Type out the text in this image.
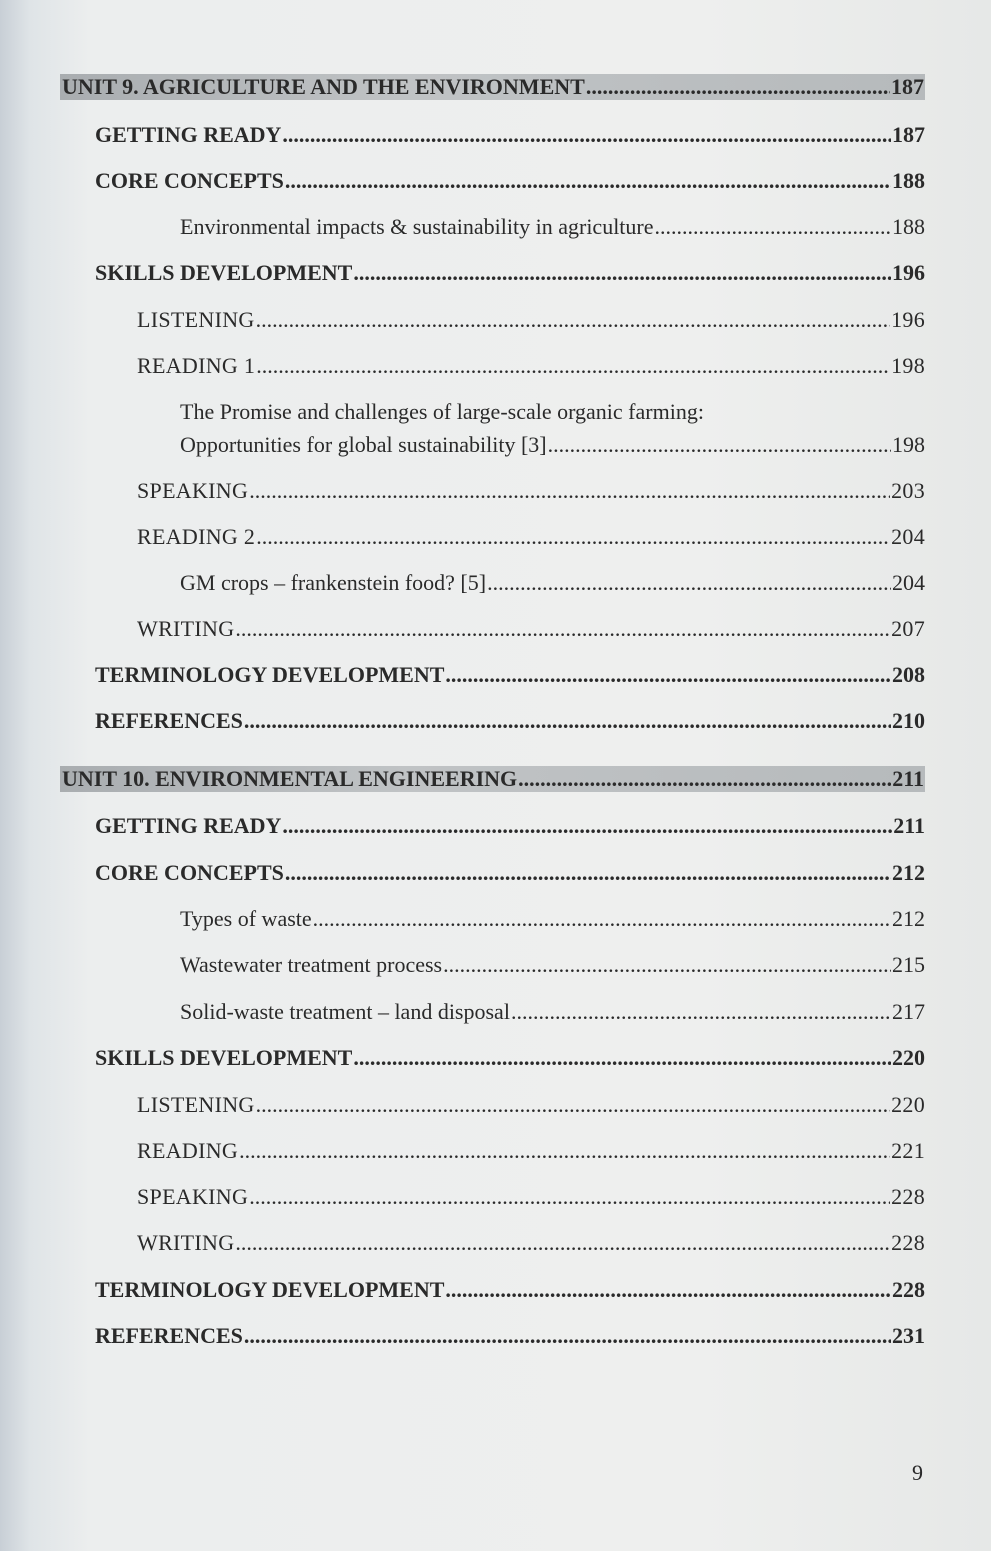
UNIT 9. AGRICULTURE AND THE ENVIRONMENT .....	187
GETTING READY .....	187
CORE CONCEPTS .....	188
Environmental impacts & sustainability in agriculture .....	188
SKILLS DEVELOPMENT .....	196
LISTENING .....	196
READING 1 .....	198
The Promise and challenges of large-scale organic farming:
Opportunities for global sustainability [3] .....	198
SPEAKING .....	203
READING 2 .....	204
GM crops – frankenstein food? [5] .....	204
WRITING .....	207
TERMINOLOGY DEVELOPMENT .....	208
REFERENCES .....	210
UNIT 10. ENVIRONMENTAL ENGINEERING .....	211
GETTING READY .....	211
CORE CONCEPTS .....	212
Types of waste .....	212
Wastewater treatment process .....	215
Solid-waste treatment – land disposal .....	217
SKILLS DEVELOPMENT .....	220
LISTENING .....	220
READING .....	221
SPEAKING .....	228
WRITING .....	228
TERMINOLOGY DEVELOPMENT .....	228
REFERENCES .....	231
9
